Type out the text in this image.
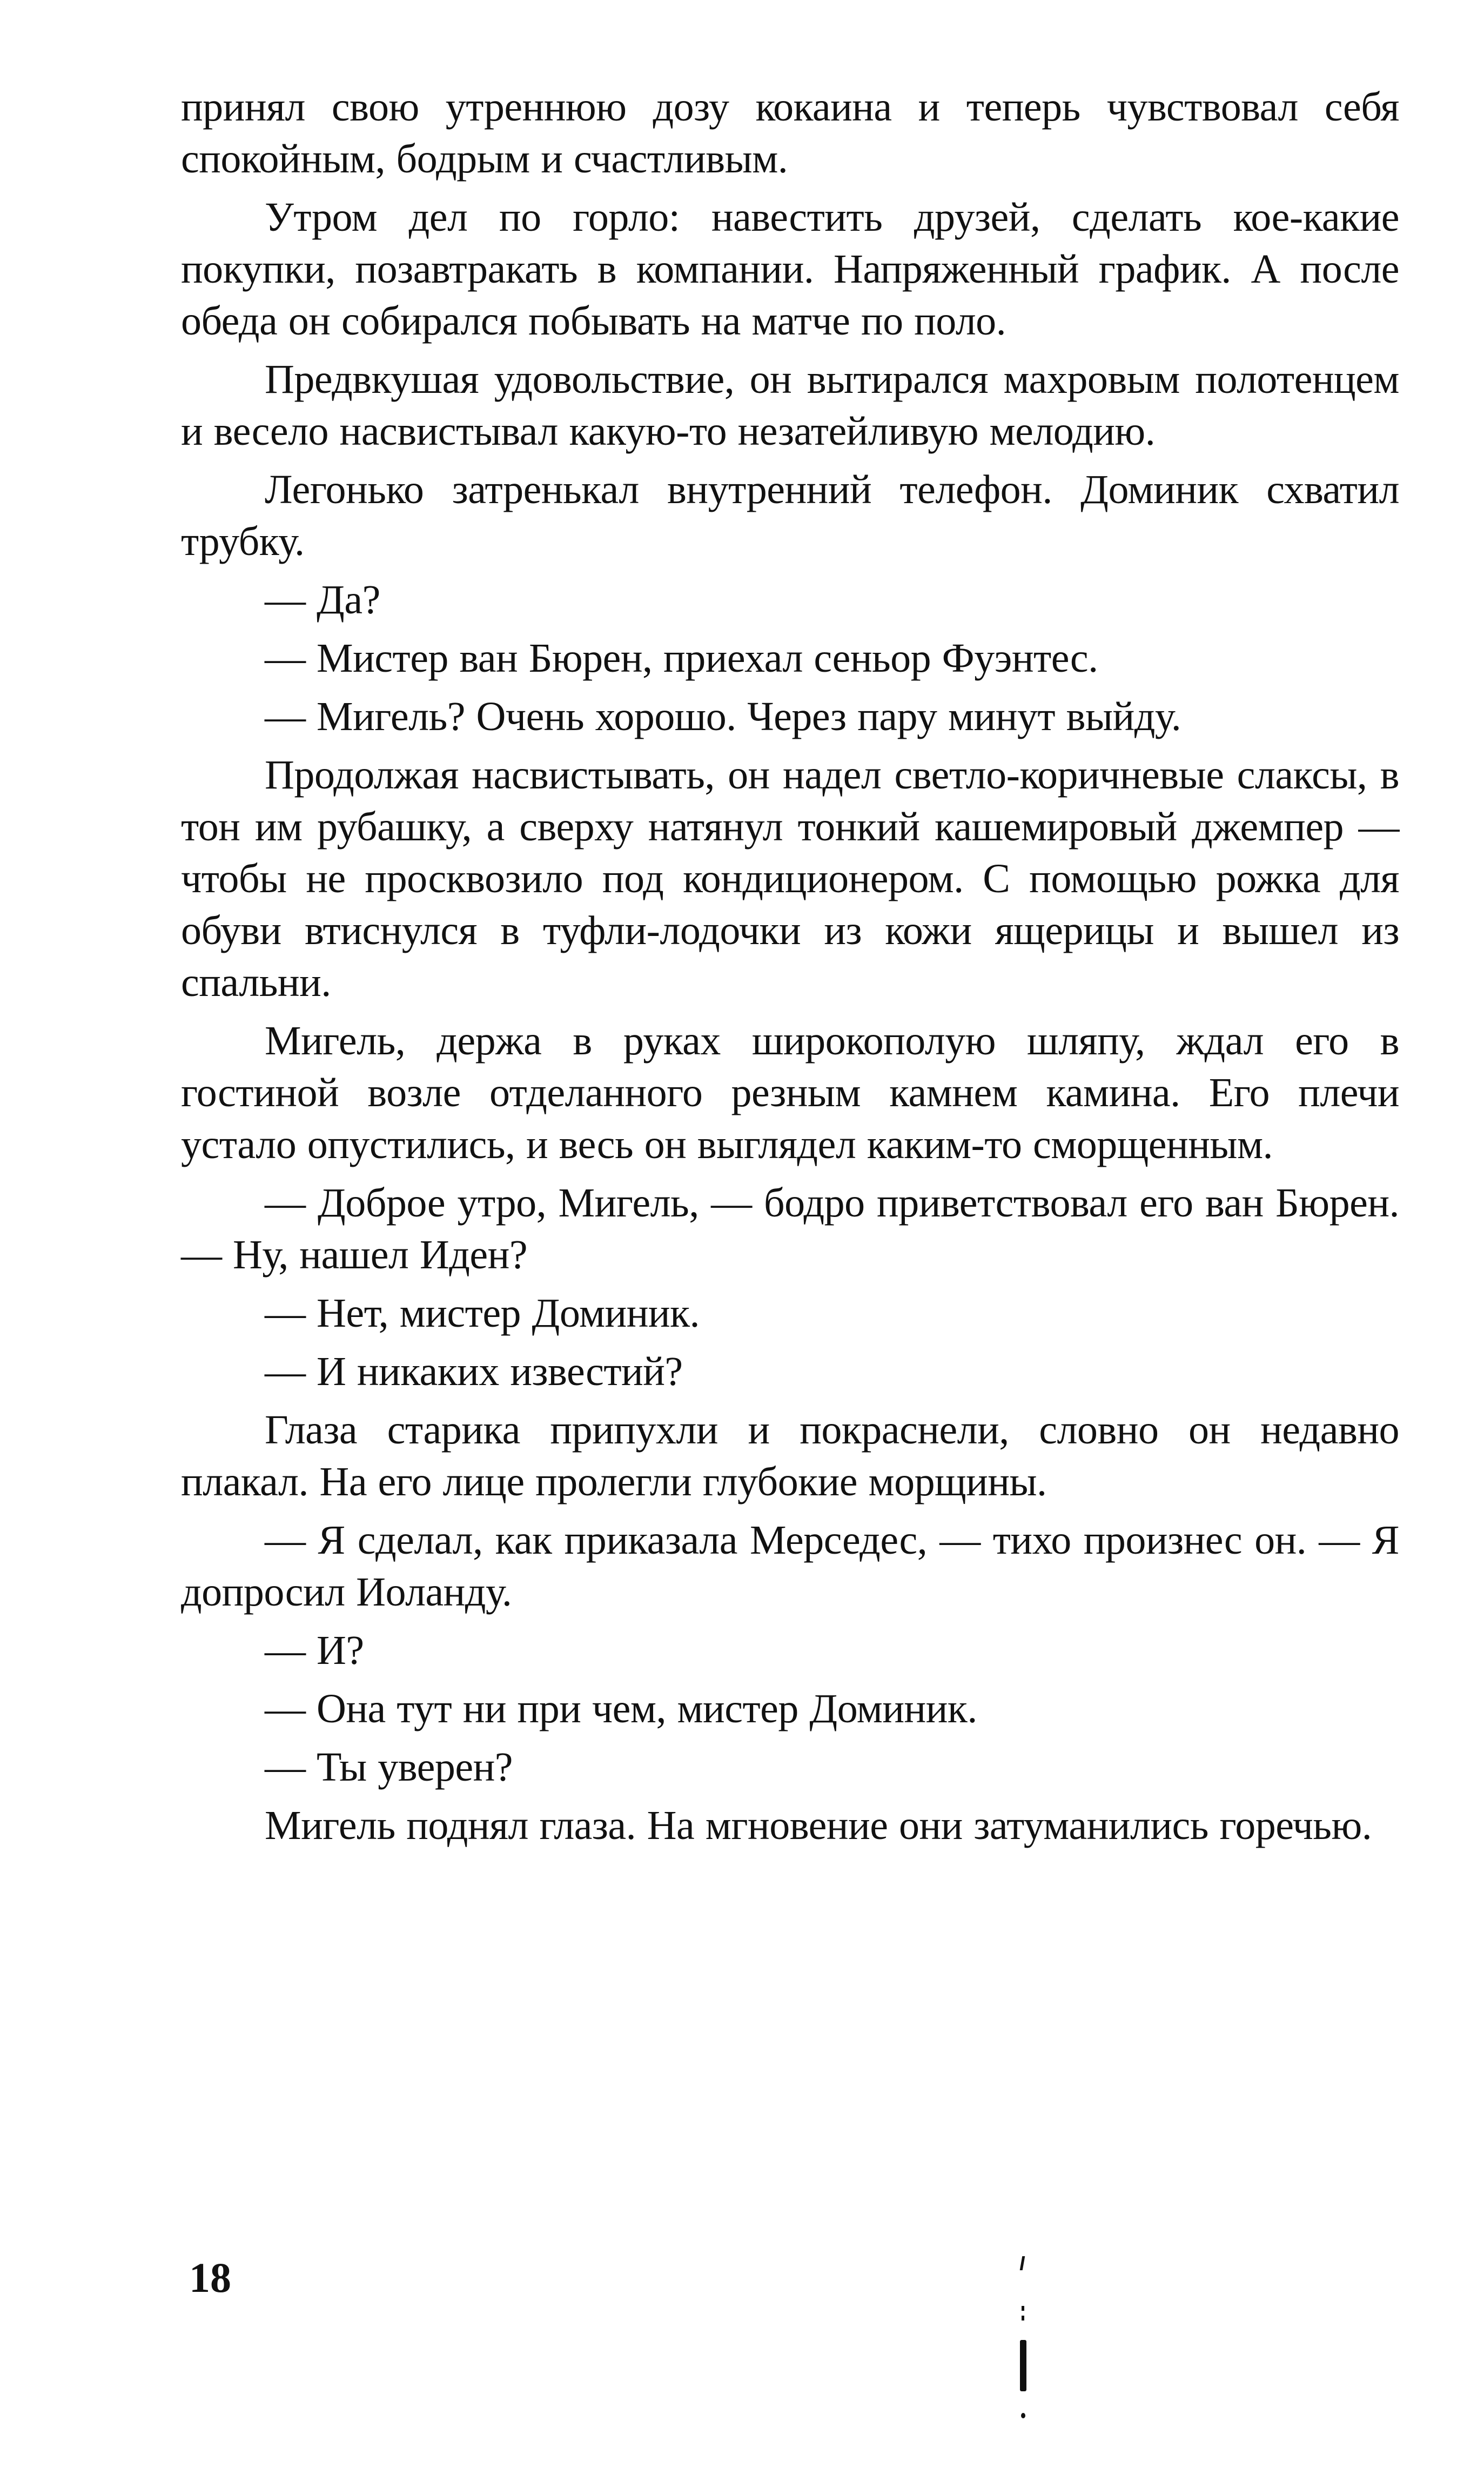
принял свою утреннюю дозу кокаина и теперь чувствовал себя спокойным, бодрым и счастливым.

Утром дел по горло: навестить друзей, сделать кое-какие покупки, позавтракать в компании. Напряженный график. А после обеда он собирался побывать на матче по поло.

Предвкушая удовольствие, он вытирался махровым полотенцем и весело насвистывал какую-то незатейливую мелодию.

Легонько затренькал внутренний телефон. Доминик схватил трубку.

— Да?

— Мистер ван Бюрен, приехал сеньор Фуэнтес.

— Мигель? Очень хорошо. Через пару минут выйду.

Продолжая насвистывать, он надел светло-коричневые слаксы, в тон им рубашку, а сверху натянул тонкий кашемировый джемпер — чтобы не просквозило под кондиционером. С помощью рожка для обуви втиснулся в туфли-лодочки из кожи ящерицы и вышел из спальни.

Мигель, держа в руках широкополую шляпу, ждал его в гостиной возле отделанного резным камнем камина. Его плечи устало опустились, и весь он выглядел каким-то сморщенным.

— Доброе утро, Мигель, — бодро приветствовал его ван Бюрен. — Ну, нашел Иден?

— Нет, мистер Доминик.

— И никаких известий?

Глаза старика припухли и покраснели, словно он недавно плакал. На его лице пролегли глубокие морщины.

— Я сделал, как приказала Мерседес, — тихо произнес он. — Я допросил Иоланду.

— И?

— Она тут ни при чем, мистер Доминик.

— Ты уверен?

Мигель поднял глаза. На мгновение они затуманились горечью.

18
